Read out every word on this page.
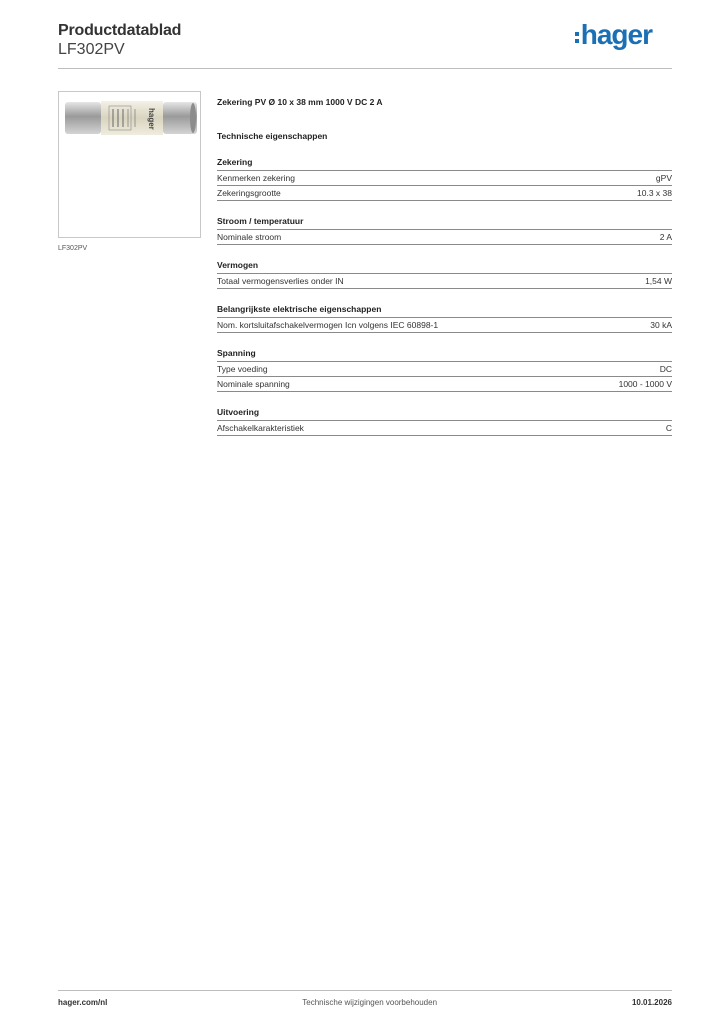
Productdatablad
LF302PV	hager
hager
LF302PV
Zekering PV Ø 10 x 38 mm 1000 V DC 2 A
Technische eigenschappen
Zekering
Kenmerken zekering	gPV
Zekeringsgrootte	10.3 x 38
Stroom / temperatuur
Nominale stroom	2 A
Vermogen
Totaal vermogensverlies onder IN	1,54 W
Belangrijkste elektrische eigenschappen
Nom. kortsluitafschakelvermogen Icn volgens IEC 60898-1	30 kA
Spanning
Type voeding	DC
Nominale spanning	1000 - 1000 V
Uitvoering
Afschakelkarakteristiek	C
hager.com/nl	Technische wijzigingen voorbehouden	10.01.2026
